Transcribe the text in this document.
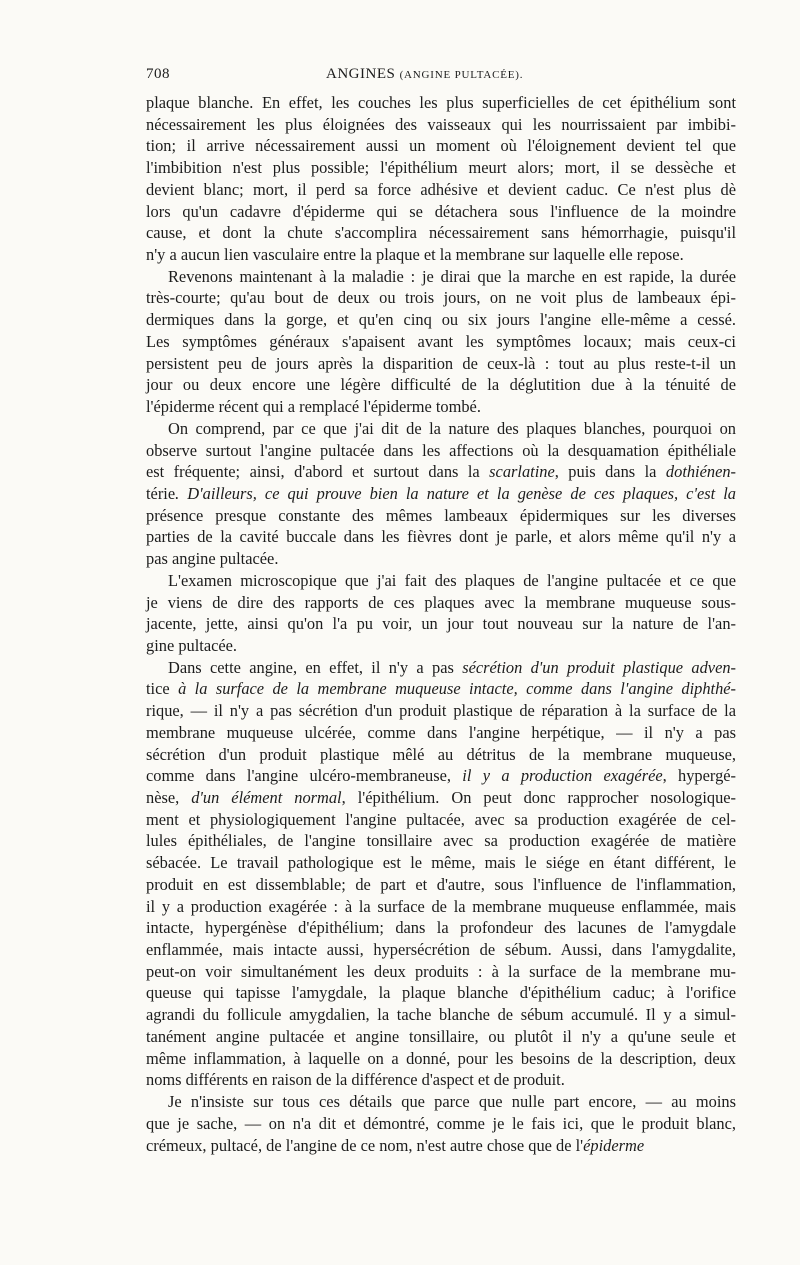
708	ANGINES (ANGINE PULTACÉE).
plaque blanche. En effet, les couches les plus superficielles de cet épithélium sont
nécessairement les plus éloignées des vaisseaux qui les nourrissaient par imbibi-
tion; il arrive nécessairement aussi un moment où l'éloignement devient tel que
l'imbibition n'est plus possible; l'épithélium meurt alors; mort, il se dessèche et
devient blanc; mort, il perd sa force adhésive et devient caduc. Ce n'est plus dè
lors qu'un cadavre d'épiderme qui se détachera sous l'influence de la moindre
cause, et dont la chute s'accomplira nécessairement sans hémorrhagie, puisqu'il
n'y a aucun lien vasculaire entre la plaque et la membrane sur laquelle elle repose.
Revenons maintenant à la maladie : je dirai que la marche en est rapide, la durée
très-courte; qu'au bout de deux ou trois jours, on ne voit plus de lambeaux épi-
dermiques dans la gorge, et qu'en cinq ou six jours l'angine elle-même a cessé.
Les symptômes généraux s'apaisent avant les symptômes locaux; mais ceux-ci
persistent peu de jours après la disparition de ceux-là : tout au plus reste-t-il un
jour ou deux encore une légère difficulté de la déglutition due à la ténuité de
l'épiderme récent qui a remplacé l'épiderme tombé.
On comprend, par ce que j'ai dit de la nature des plaques blanches, pourquoi on
observe surtout l'angine pultacée dans les affections où la desquamation épithéliale
est fréquente; ainsi, d'abord et surtout dans la scarlatine, puis dans la dothiénen-
térie. D'ailleurs, ce qui prouve bien la nature et la genèse de ces plaques, c'est la
présence presque constante des mêmes lambeaux épidermiques sur les diverses
parties de la cavité buccale dans les fièvres dont je parle, et alors même qu'il n'y a
pas angine pultacée.
L'examen microscopique que j'ai fait des plaques de l'angine pultacée et ce que
je viens de dire des rapports de ces plaques avec la membrane muqueuse sous-
jacente, jette, ainsi qu'on l'a pu voir, un jour tout nouveau sur la nature de l'an-
gine pultacée.
Dans cette angine, en effet, il n'y a pas sécrétion d'un produit plastique adven-
tice à la surface de la membrane muqueuse intacte, comme dans l'angine diphthé-
rique, — il n'y a pas sécrétion d'un produit plastique de réparation à la surface de la
membrane muqueuse ulcérée, comme dans l'angine herpétique, — il n'y a pas
sécrétion d'un produit plastique mêlé au détritus de la membrane muqueuse,
comme dans l'angine ulcéro-membraneuse, il y a production exagérée, hypergé-
nèse, d'un élément normal, l'épithélium. On peut donc rapprocher nosologique-
ment et physiologiquement l'angine pultacée, avec sa production exagérée de cel-
lules épithéliales, de l'angine tonsillaire avec sa production exagérée de matière
sébacée. Le travail pathologique est le même, mais le siége en étant différent, le
produit en est dissemblable; de part et d'autre, sous l'influence de l'inflammation,
il y a production exagérée : à la surface de la membrane muqueuse enflammée, mais
intacte, hypergénèse d'épithélium; dans la profondeur des lacunes de l'amygdale
enflammée, mais intacte aussi, hypersécrétion de sébum. Aussi, dans l'amygdalite,
peut-on voir simultanément les deux produits : à la surface de la membrane mu-
queuse qui tapisse l'amygdale, la plaque blanche d'épithélium caduc; à l'orifice
agrandi du follicule amygdalien, la tache blanche de sébum accumulé. Il y a simul-
tanément angine pultacée et angine tonsillaire, ou plutôt il n'y a qu'une seule et
même inflammation, à laquelle on a donné, pour les besoins de la description, deux
noms différents en raison de la différence d'aspect et de produit.
Je n'insiste sur tous ces détails que parce que nulle part encore, — au moins
que je sache, — on n'a dit et démontré, comme je le fais ici, que le produit blanc,
crémeux, pultacé, de l'angine de ce nom, n'est autre chose que de l'épiderme
